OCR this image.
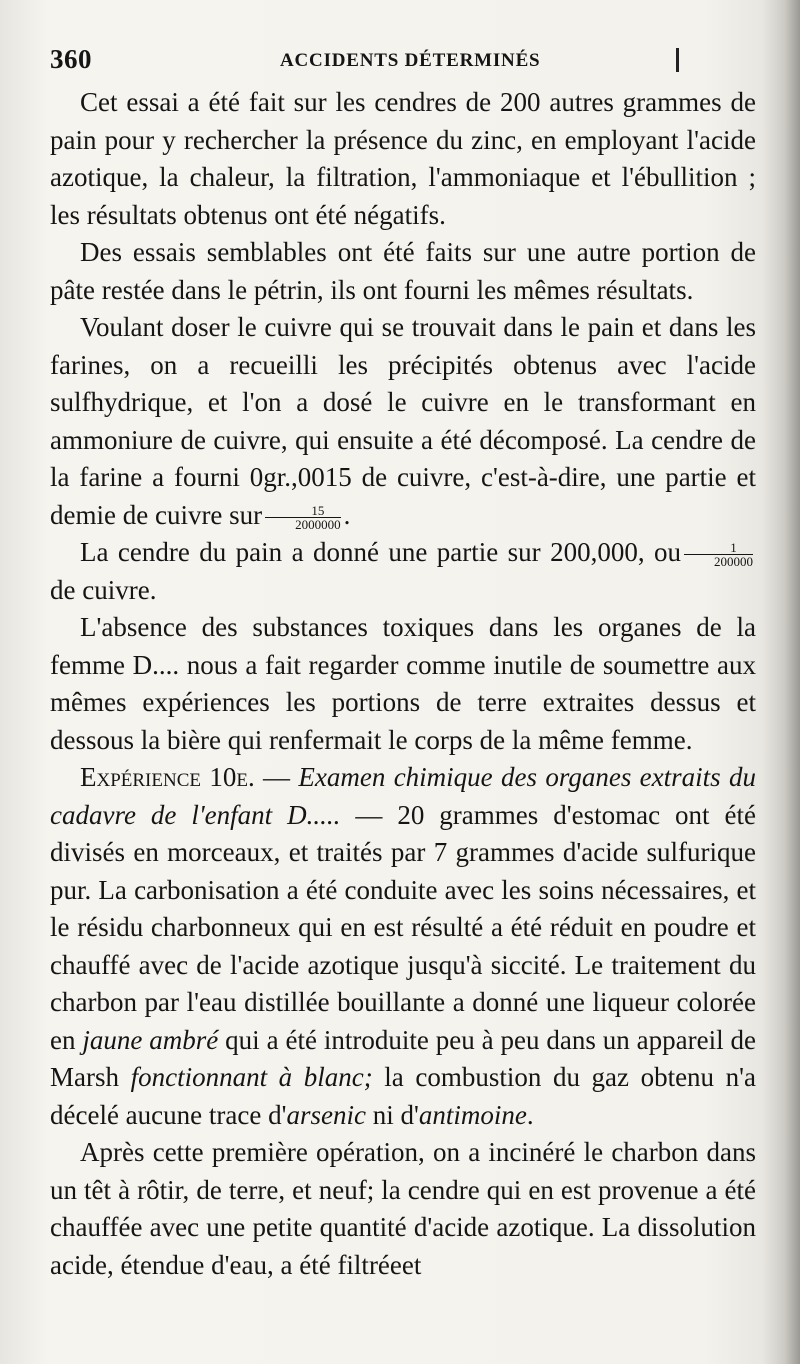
360	ACCIDENTS DÉTERMINÉS

Cet essai a été fait sur les cendres de 200 autres grammes de pain pour y rechercher la présence du zinc, en employant l'acide azotique, la chaleur, la filtration, l'ammoniaque et l'ébullition ; les résultats obtenus ont été négatifs.

Des essais semblables ont été faits sur une autre portion de pâte restée dans le pétrin, ils ont fourni les mêmes résultats.

Voulant doser le cuivre qui se trouvait dans le pain et dans les farines, on a recueilli les précipités obtenus avec l'acide sulfhydrique, et l'on a dosé le cuivre en le transformant en ammoniure de cuivre, qui ensuite a été décomposé. La cendre de la farine a fourni 0gr.,0015 de cuivre, c'est-à-dire, une partie et demie de cuivre sur $\frac{15}{2000000}$ .

La cendre du pain a donné une partie sur 200,000, ou $\frac{1}{200000}$
de cuivre.

L'absence des substances toxiques dans les organes de la femme D.... nous a fait regarder comme inutile de soumettre aux mêmes expériences les portions de terre extraites dessus et dessous la bière qui renfermait le corps de la même femme.

Expérience 10e. — Examen chimique des organes extraits du cadavre de l'enfant D..... — 20 grammes d'estomac ont été divisés en morceaux, et traités par 7 grammes d'acide sulfurique pur. La carbonisation a été conduite avec les soins nécessaires, et le résidu charbonneux qui en est résulté a été réduit en poudre et chauffé avec de l'acide azotique jusqu'à siccité. Le traitement du charbon par l'eau distillée bouillante a donné une liqueur colorée en jaune ambré qui a été introduite peu à peu dans un appareil de Marsh fonctionnant à blanc; la combustion du gaz obtenu n'a décelé aucune trace d'arsenic ni d'antimoine.

Après cette première opération, on a incinéré le charbon dans un têt à rôtir, de terre, et neuf; la cendre qui en est provenue a été chauffée avec une petite quantité d'acide azotique. La dissolution acide, étendue d'eau, a été filtréeet
